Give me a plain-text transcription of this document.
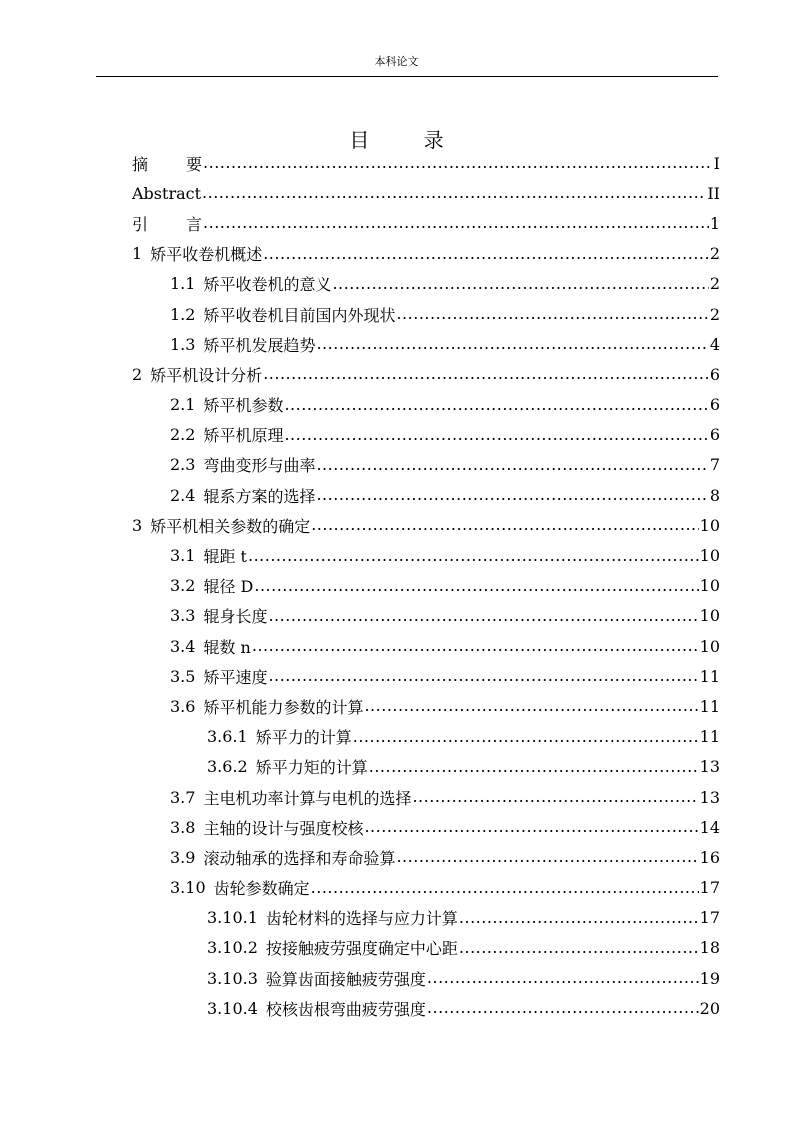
本科论文
目 录
摘 要 .....	I
Abstract .....	II
引 言 .....	1
1 矫平收卷机概述 .....	2
1.1 矫平收卷机的意义 .....	2
1.2 矫平收卷机目前国内外现状 .....	2
1.3 矫平机发展趋势 .....	4
2 矫平机设计分析 .....	6
2.1 矫平机参数 .....	6
2.2 矫平机原理 .....	6
2.3 弯曲变形与曲率 .....	7
2.4 辊系方案的选择 .....	8
3 矫平机相关参数的确定 .....	10
3.1 辊距 t .....	10
3.2 辊径 D .....	10
3.3 辊身长度 .....	10
3.4 辊数 n .....	10
3.5 矫平速度 .....	11
3.6 矫平机能力参数的计算 .....	11
3.6.1 矫平力的计算 .....	11
3.6.2 矫平力矩的计算 .....	13
3.7 主电机功率计算与电机的选择 .....	13
3.8 主轴的设计与强度校核 .....	14
3.9 滚动轴承的选择和寿命验算 .....	16
3.10 齿轮参数确定 .....	17
3.10.1 齿轮材料的选择与应力计算 .....	17
3.10.2 按接触疲劳强度确定中心距 .....	18
3.10.3 验算齿面接触疲劳强度 .....	19
3.10.4 校核齿根弯曲疲劳强度 .....	20
